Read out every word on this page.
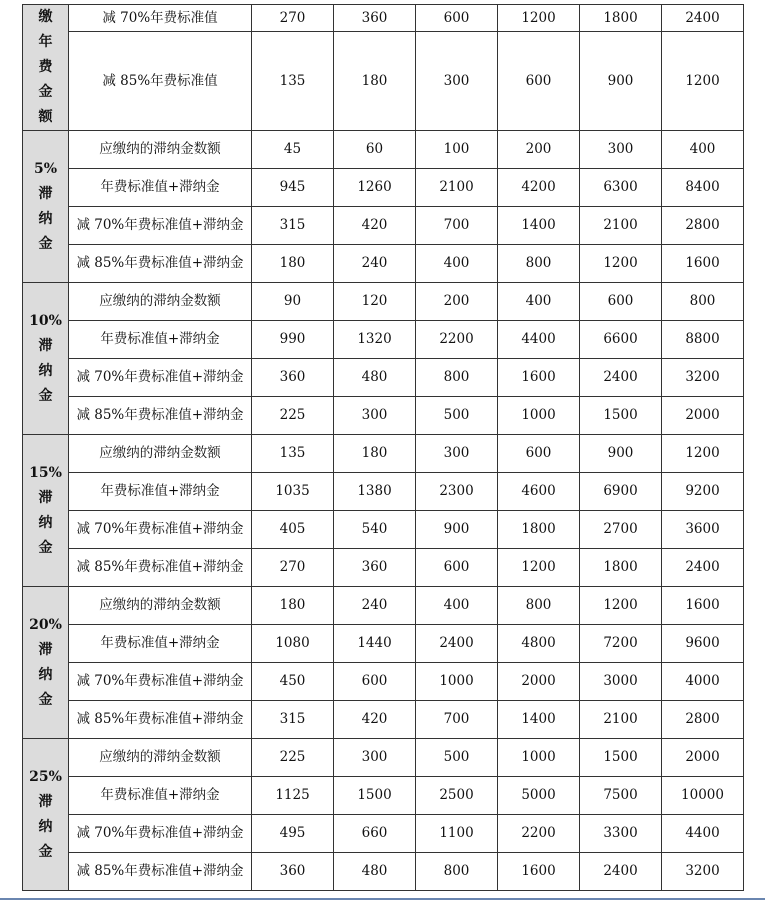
缴
年
费
金
额	减 70%年费标准值	270	360	600	1200	1800	2400
	减 85%年费标准值	135	180	300	600	900	1200

5%
滞
纳
金	应缴纳的滞纳金数额	45	60	100	200	300	400
	年费标准值+滞纳金	945	1260	2100	4200	6300	8400
	减 70%年费标准值+滞纳金	315	420	700	1400	2100	2800
	减 85%年费标准值+滞纳金	180	240	400	800	1200	1600

10%
滞
纳
金	应缴纳的滞纳金数额	90	120	200	400	600	800
	年费标准值+滞纳金	990	1320	2200	4400	6600	8800
	减 70%年费标准值+滞纳金	360	480	800	1600	2400	3200
	减 85%年费标准值+滞纳金	225	300	500	1000	1500	2000

15%
滞
纳
金	应缴纳的滞纳金数额	135	180	300	600	900	1200
	年费标准值+滞纳金	1035	1380	2300	4600	6900	9200
	减 70%年费标准值+滞纳金	405	540	900	1800	2700	3600
	减 85%年费标准值+滞纳金	270	360	600	1200	1800	2400

20%
滞
纳
金	应缴纳的滞纳金数额	180	240	400	800	1200	1600
	年费标准值+滞纳金	1080	1440	2400	4800	7200	9600
	减 70%年费标准值+滞纳金	450	600	1000	2000	3000	4000
	减 85%年费标准值+滞纳金	315	420	700	1400	2100	2800

25%
滞
纳
金	应缴纳的滞纳金数额	225	300	500	1000	1500	2000
	年费标准值+滞纳金	1125	1500	2500	5000	7500	10000
	减 70%年费标准值+滞纳金	495	660	1100	2200	3300	4400
	减 85%年费标准值+滞纳金	360	480	800	1600	2400	3200
